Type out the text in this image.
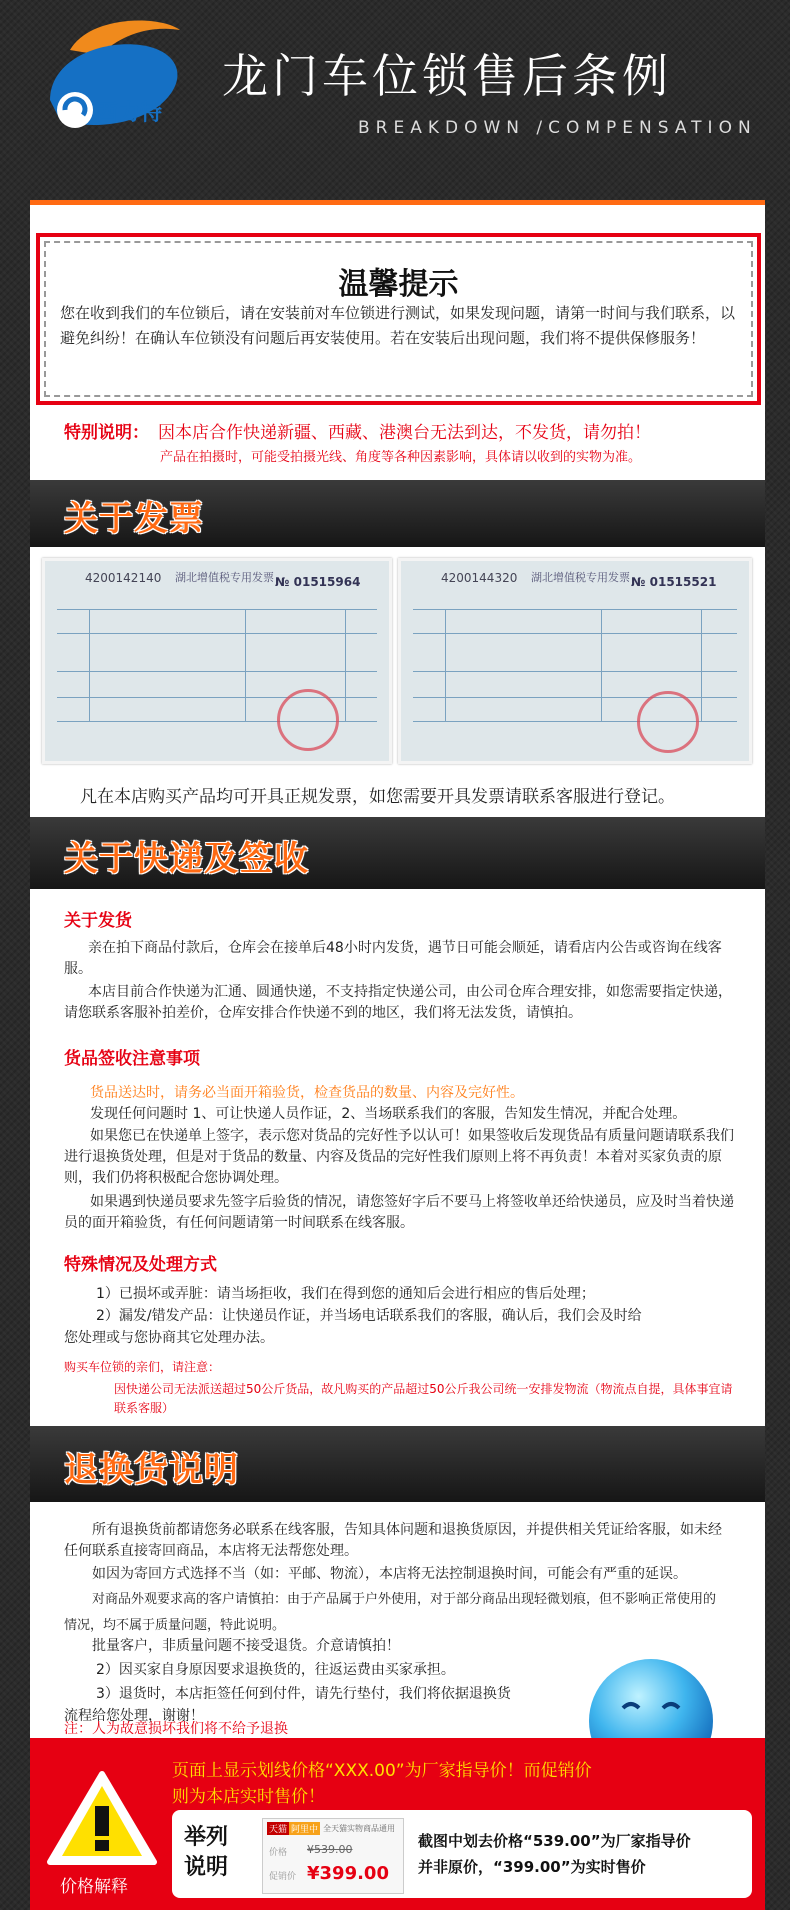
西力特
龙门车位锁售后条例
BREAKDOWN /COMPENSATION
温馨提示
您在收到我们的车位锁后，请在安装前对车位锁进行测试，如果发现问题，请第一时间与我们联系，以避免纠纷！在确认车位锁没有问题后再安装使用。若在安装后出现问题，我们将不提供保修服务！
特别说明： 因本店合作快递新疆、西藏、港澳台无法到达，不发货，请勿拍！
产品在拍摄时，可能受拍摄光线、角度等各种因素影响，具体请以收到的实物为准。
关于发票
4200142140 湖北增值税专用发票 № 01515964	4200144320 湖北增值税专用发票 № 01515521
凡在本店购买产品均可开具正规发票，如您需要开具发票请联系客服进行登记。
关于快递及签收
关于发货
亲在拍下商品付款后，仓库会在接单后48小时内发货，遇节日可能会顺延，请看店内公告或咨询在线客服。
本店目前合作快递为汇通、圆通快递，不支持指定快递公司，由公司仓库合理安排，如您需要指定快递，请您联系客服补拍差价，仓库安排合作快递不到的地区，我们将无法发货，请慎拍。
货品签收注意事项
货品送达时，请务必当面开箱验货，检查货品的数量、内容及完好性。
发现任何问题时 1、可让快递人员作证，2、当场联系我们的客服，告知发生情况，并配合处理。
如果您已在快递单上签字，表示您对货品的完好性予以认可！如果签收后发现货品有质量问题请联系我们进行退换货处理，但是对于货品的数量、内容及货品的完好性我们原则上将不再负责！本着对买家负责的原则，我们仍将积极配合您协调处理。
如果遇到快递员要求先签字后验货的情况，请您签好字后不要马上将签收单还给快递员，应及时当着快递员的面开箱验货，有任何问题请第一时间联系在线客服。
特殊情况及处理方式
1）已损坏或弄脏：请当场拒收，我们在得到您的通知后会进行相应的售后处理；
2）漏发/错发产品：让快递员作证，并当场电话联系我们的客服，确认后，我们会及时给
您处理或与您协商其它处理办法。
购买车位锁的亲们，请注意：
因快递公司无法派送超过50公斤货品，故凡购买的产品超过50公斤我公司统一安排发物流（物流点自提，具体事宜请联系客服）
退换货说明
所有退换货前都请您务必联系在线客服，告知具体问题和退换货原因，并提供相关凭证给客服，如未经任何联系直接寄回商品，本店将无法帮您处理。
如因为寄回方式选择不当（如：平邮、物流），本店将无法控制退换时间，可能会有严重的延误。
对商品外观要求高的客户请慎拍：由于产品属于户外使用，对于部分商品出现轻微划痕，但不影响正常使用的
情况，均不属于质量问题，特此说明。
批量客户，非质量问题不接受退货。介意请慎拍！
2）因买家自身原因要求退换货的，往返运费由买家承担。
3）退货时，本店拒签任何到付件，请先行垫付，我们将依据退换货
流程给您处理，谢谢！
注：人为故意损坏我们将不给予退换
页面上显示划线价格“XXX.00”为厂家指导价！而促销价
则为本店实时售价！
价格解释
举列
说明
天猫 阿里中 全天猫实物商品通用
价格 ¥539.00
促销价 ¥399.00
截图中划去价格“539.00”为厂家指导价
并非原价，“399.00”为实时售价
